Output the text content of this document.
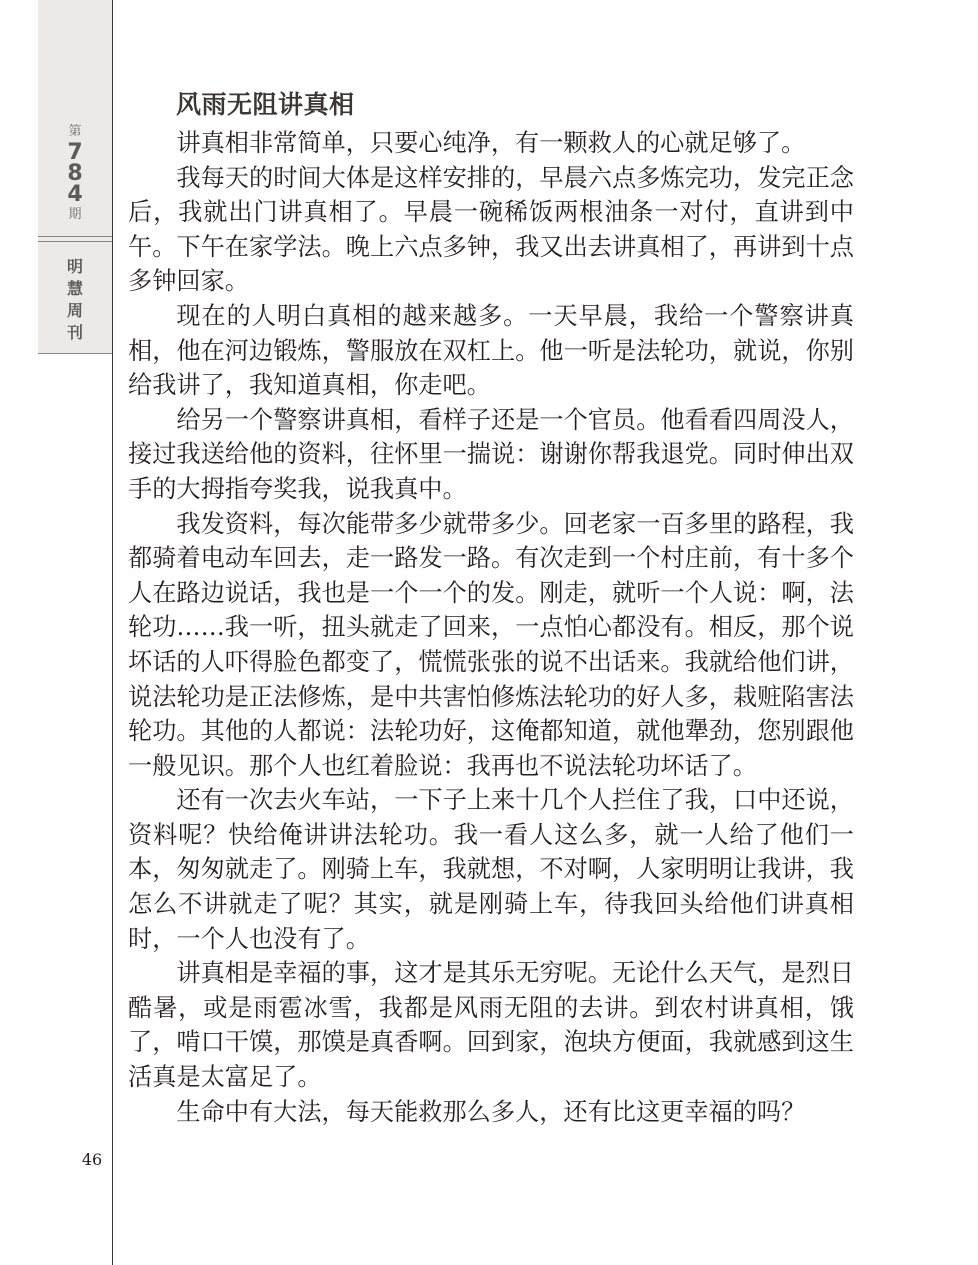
第
784
期
明慧周刊
46
风雨无阻讲真相

讲真相非常简单，只要心纯净，有一颗救人的心就足够了。

我每天的时间大体是这样安排的，早晨六点多炼完功，发完正念后，我就出门讲真相了。早晨一碗稀饭两根油条一对付，直讲到中午。下午在家学法。晚上六点多钟，我又出去讲真相了，再讲到十点多钟回家。

现在的人明白真相的越来越多。一天早晨，我给一个警察讲真相，他在河边锻炼，警服放在双杠上。他一听是法轮功，就说，你别给我讲了，我知道真相，你走吧。

给另一个警察讲真相，看样子还是一个官员。他看看四周没人，接过我送给他的资料，往怀里一揣说：谢谢你帮我退党。同时伸出双手的大拇指夸奖我，说我真中。

我发资料，每次能带多少就带多少。回老家一百多里的路程，我都骑着电动车回去，走一路发一路。有次走到一个村庄前，有十多个人在路边说话，我也是一个一个的发。刚走，就听一个人说：啊，法轮功……我一听，扭头就走了回来，一点怕心都没有。相反，那个说坏话的人吓得脸色都变了，慌慌张张的说不出话来。我就给他们讲，说法轮功是正法修炼，是中共害怕修炼法轮功的好人多，栽赃陷害法轮功。其他的人都说：法轮功好，这俺都知道，就他犟劲，您别跟他一般见识。那个人也红着脸说：我再也不说法轮功坏话了。

还有一次去火车站，一下子上来十几个人拦住了我，口中还说，资料呢？快给俺讲讲法轮功。我一看人这么多，就一人给了他们一本，匆匆就走了。刚骑上车，我就想，不对啊，人家明明让我讲，我怎么不讲就走了呢？其实，就是刚骑上车，待我回头给他们讲真相时，一个人也没有了。

讲真相是幸福的事，这才是其乐无穷呢。无论什么天气，是烈日酷暑，或是雨雹冰雪，我都是风雨无阻的去讲。到农村讲真相，饿了，啃口干馍，那馍是真香啊。回到家，泡块方便面，我就感到这生活真是太富足了。

生命中有大法，每天能救那么多人，还有比这更幸福的吗？
